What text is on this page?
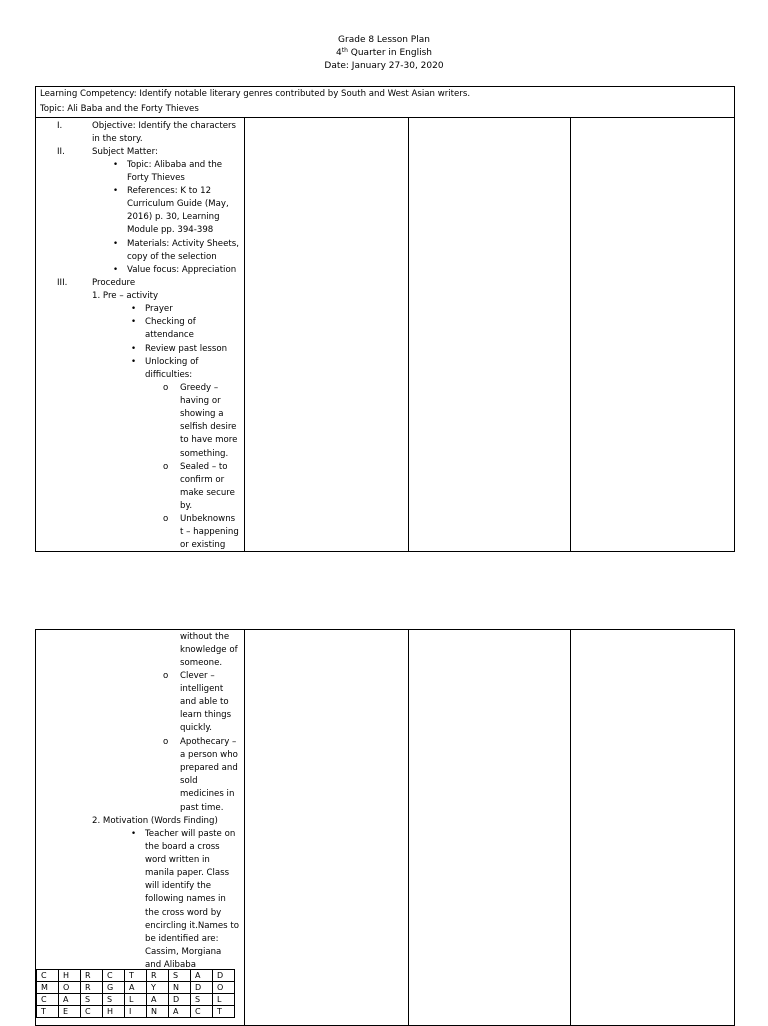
Grade 8 Lesson Plan
4th Quarter in English
Date: January 27-30, 2020
Learning Competency: Identify notable literary genres contributed by South and West Asian writers.
Topic: Ali Baba and the Forty Thieves

I.	Objective: Identify the characters
in the story.
II.	Subject Matter:
• Topic: Alibaba and the
Forty Thieves
• References: K to 12
Curriculum Guide (May,
2016) p. 30, Learning
Module pp. 394-398
• Materials: Activity Sheets,
copy of the selection
• Value focus: Appreciation
III.	Procedure
1. Pre – activity
• Prayer
• Checking of
attendance
• Review past lesson
• Unlocking of
difficulties:
o Greedy –
having or
showing a
selfish desire
to have more
something.
o Sealed – to
confirm or
make secure
by.
o Unbeknowns
t – happening
or existing

without the
knowledge of
someone.
o Clever –
intelligent
and able to
learn things
quickly.
o Apothecary –
a person who
prepared and
sold
medicines in
past time.
2. Motivation (Words Finding)
• Teacher will paste on
the board a cross
word written in
manila paper. Class
will identify the
following names in
the cross word by
encircling it.Names to
be identified are:
Cassim, Morgiana
and Alibaba
C	H	R	C	T	R	S	A	D
M	O	R	G	A	Y	N	D	O
C	A	S	S	L	A	D	S	L
T	E	C	H	I	N	A	C	T
